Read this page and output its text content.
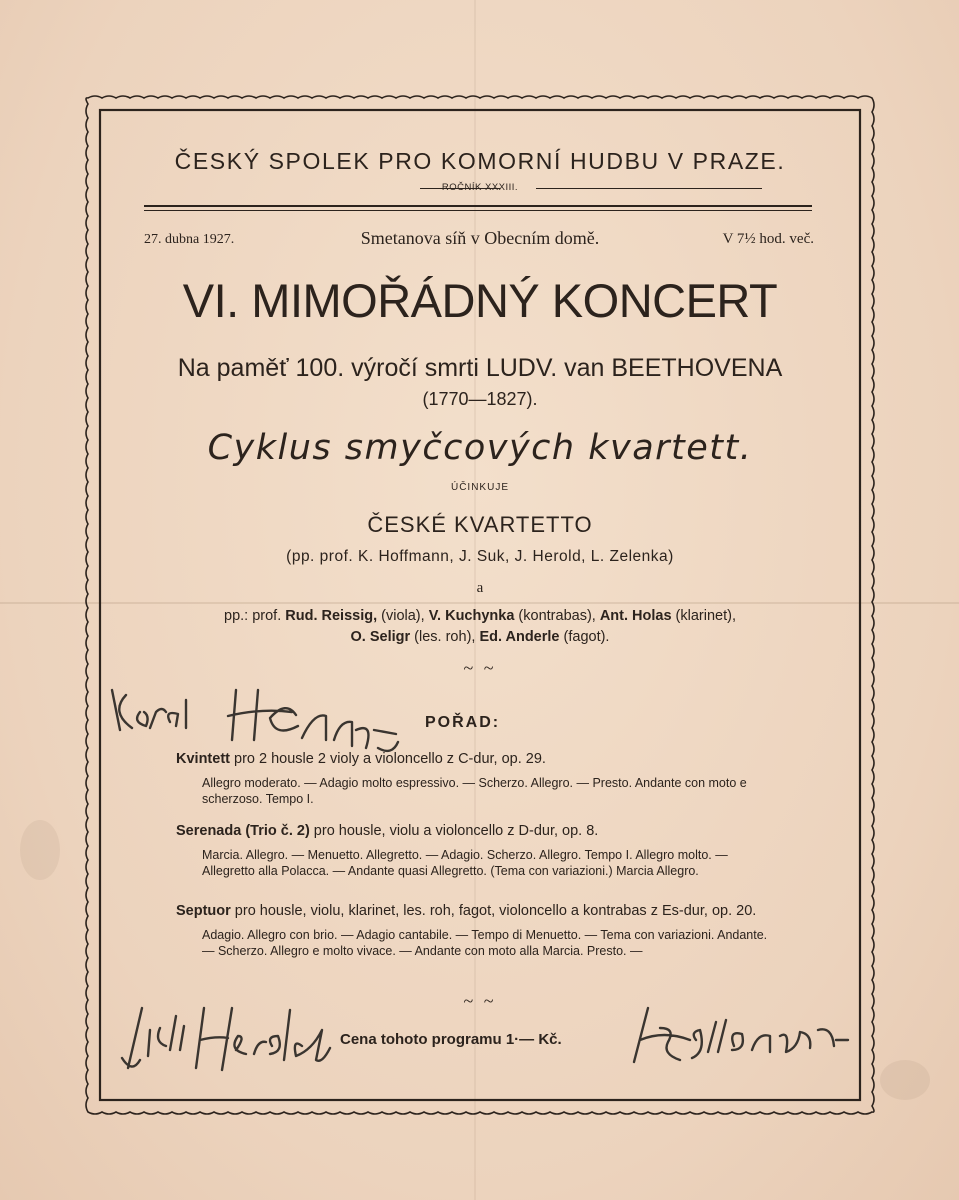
ČESKÝ SPOLEK PRO KOMORNÍ HUDBU V PRAZE.
ROČNÍK XXXIII.
27. dubna 1927.	Smetanova síň v Obecním domě.	V 7½ hod. več.
VI. MIMOŘÁDNÝ KONCERT
Na paměť 100. výročí smrti LUDV. van BEETHOVENA
(1770—1827).
Cyklus smyčcových kvartett.
ÚČINKUJE
ČESKÉ KVARTETTO
(pp. prof. K. Hoffmann, J. Suk, J. Herold, L. Zelenka)
a
pp.: prof. Rud. Reissig, (viola), V. Kuchynka (kontrabas), Ant. Holas (klarinet),
O. Seligr (les. roh), Ed. Anderle (fagot).
~ ~
POŘAD:
Kvintett pro 2 housle 2 violy a violoncello z C-dur, op. 29.
Allegro moderato. — Adagio molto espressivo. — Scherzo. Allegro. — Presto. Andante con moto e scherzoso. Tempo I.
Serenada (Trio č. 2) pro housle, violu a violoncello z D-dur, op. 8.
Marcia. Allegro. — Menuetto. Allegretto. — Adagio. Scherzo. Allegro. Tempo I. Allegro molto. — Allegretto alla Polacca. — Andante quasi Allegretto. (Tema con variazioni.) Marcia Allegro.
Septuor pro housle, violu, klarinet, les. roh, fagot, violoncello a kontrabas z Es-dur, op. 20.
Adagio. Allegro con brio. — Adagio cantabile. — Tempo di Menuetto. — Tema con variazioni. Andante. — Scherzo. Allegro e molto vivace. — Andante con moto alla Marcia. Presto. —
~ ~
Cena tohoto programu 1·— Kč.
